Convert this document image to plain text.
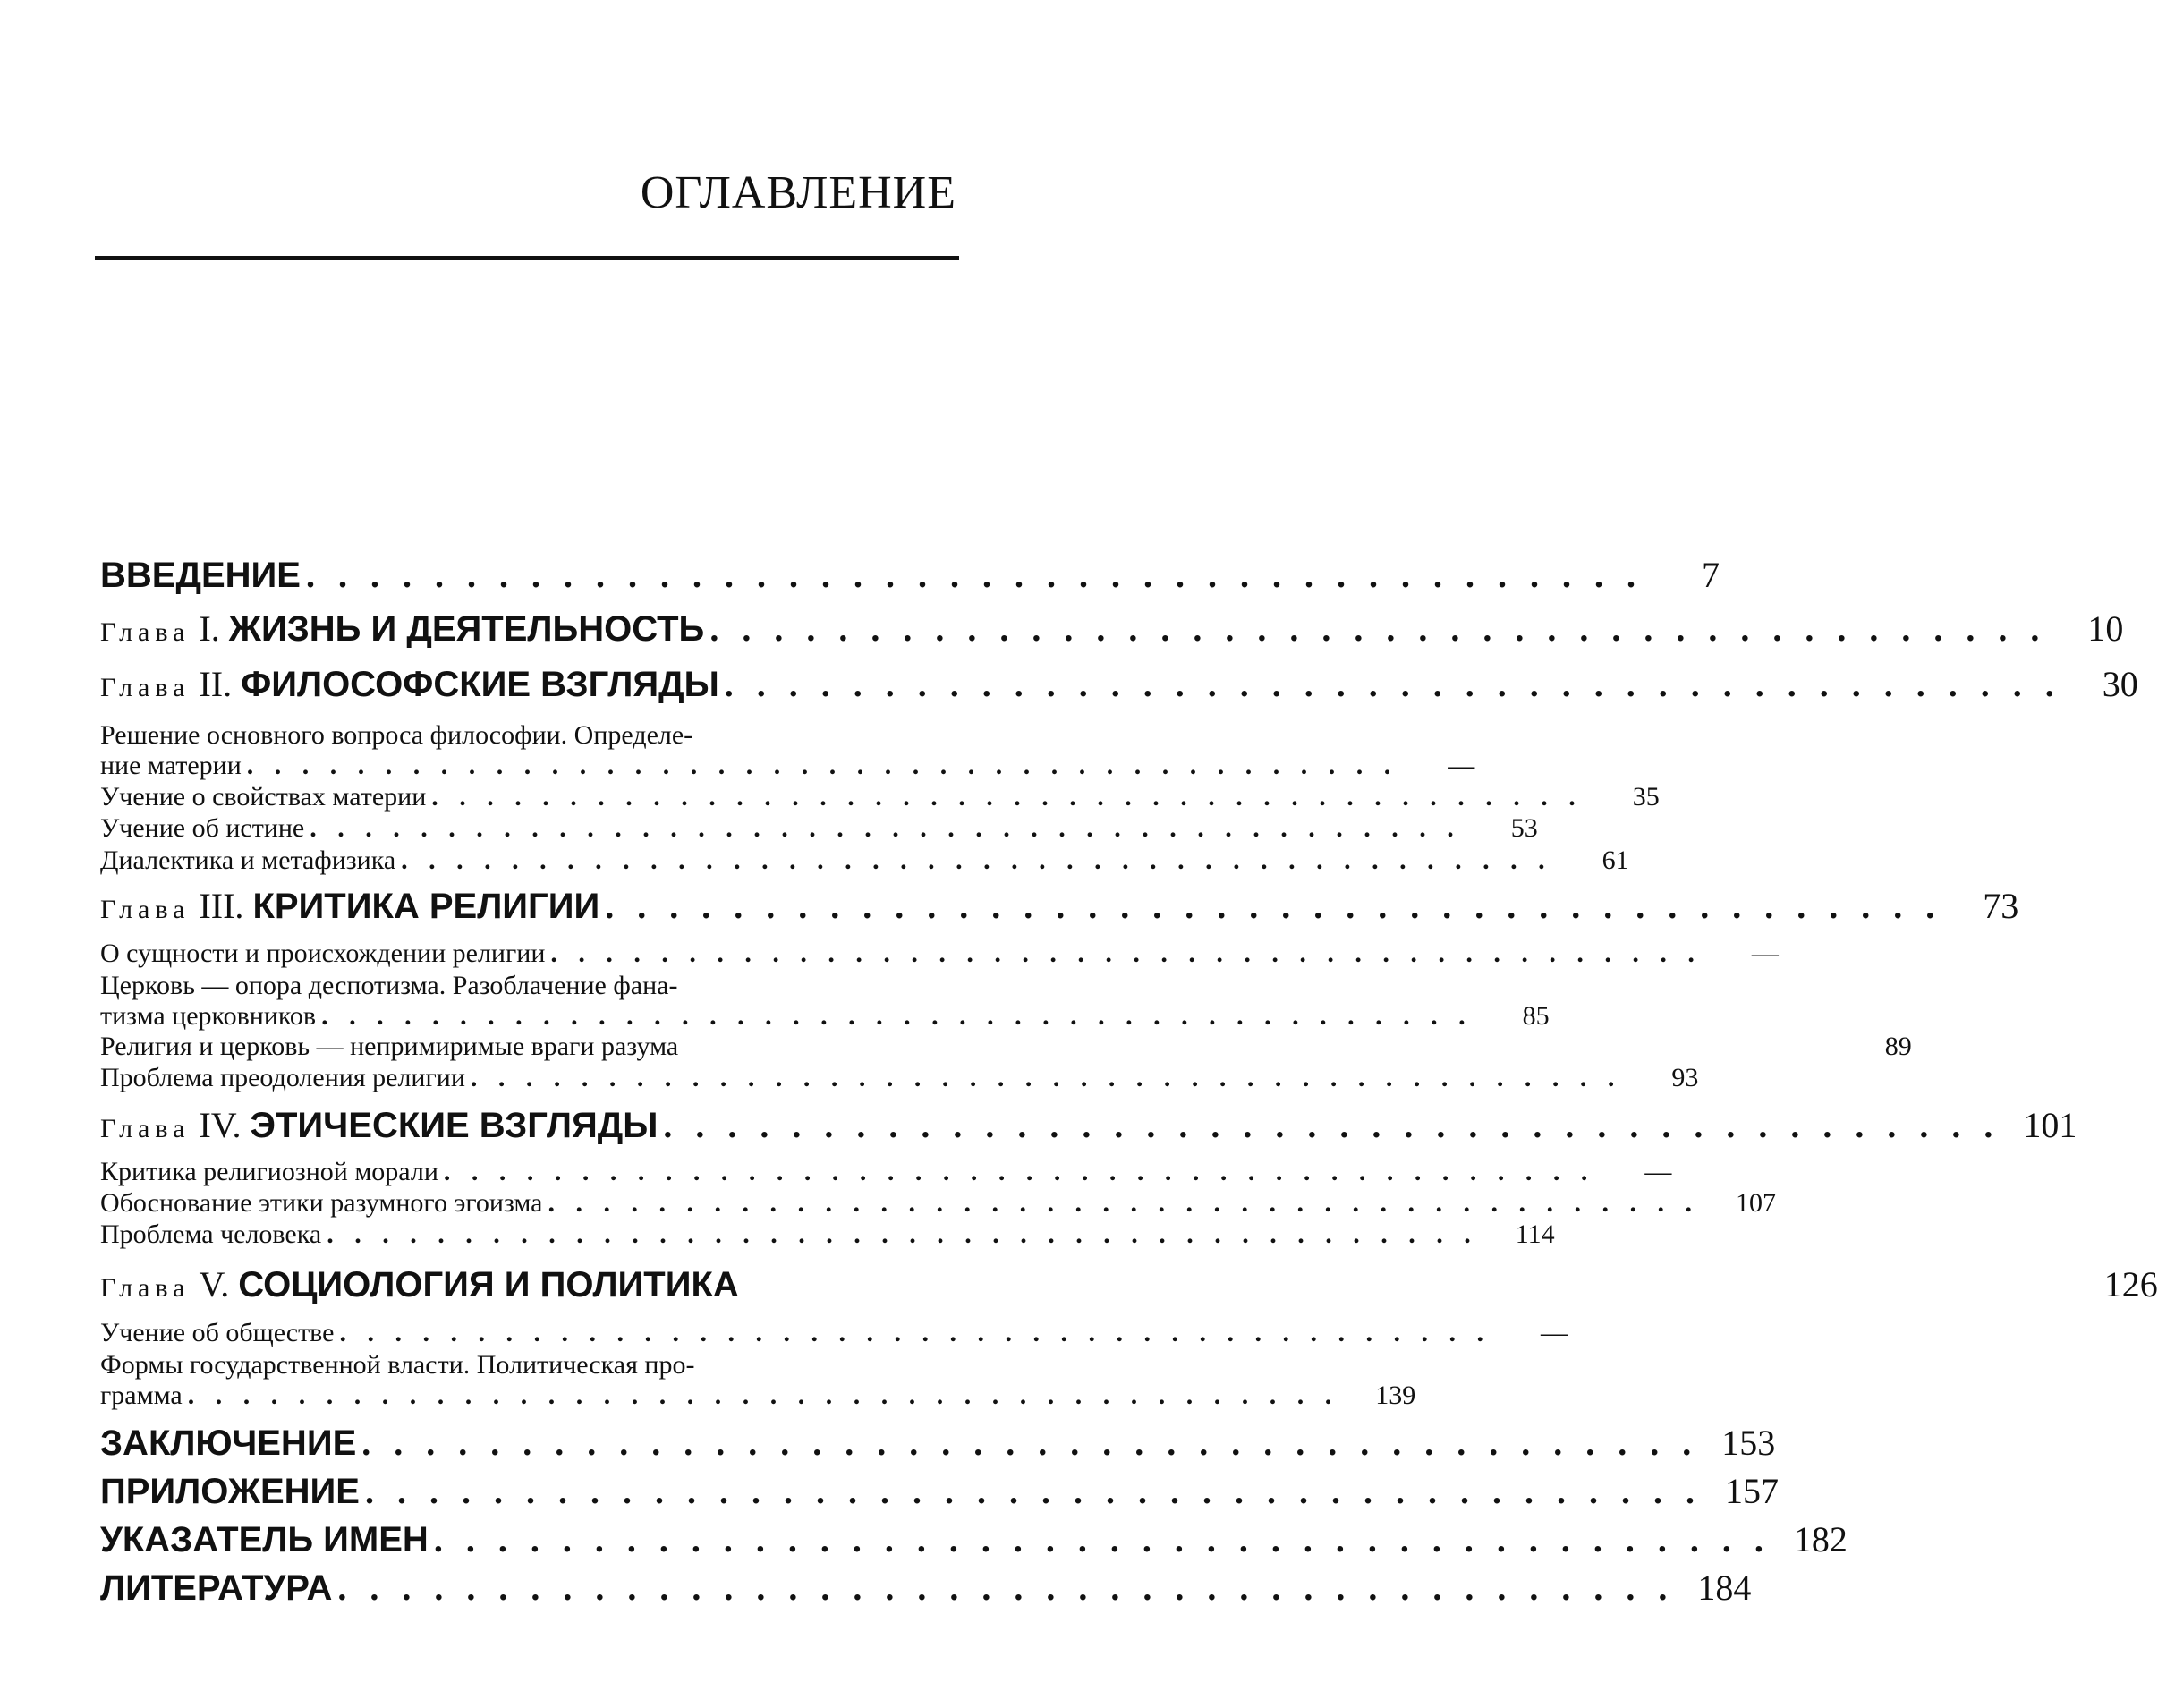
ОГЛАВЛЕНИЕ
ВВЕДЕНИЕ . . . . . . . . . . . . . . . . . . . . . . . . . . . . . . . . . . . . . . . . . .	7
Глава I. ЖИЗНЬ И ДЕЯТЕЛЬНОСТЬ . . . . . . . . . . . . . . . . . . . . . . . . . . . . . . . . . . . . . . . . . .	10
Глава II. ФИЛОСОФСКИЕ ВЗГЛЯДЫ . . . . . . . . . . . . . . . . . . . . . . . . . . . . . . . . . . . . . . . . . .	30
Решение основного вопроса философии. Определе-
ние материи . . . . . . . . . . . . . . . . . . . . . . . . . . . . . . . . . . . . . . . . . .	—
Учение о свойствах материи . . . . . . . . . . . . . . . . . . . . . . . . . . . . . . . . . . . . . . . . . .	35
Учение об истине . . . . . . . . . . . . . . . . . . . . . . . . . . . . . . . . . . . . . . . . . .	53
Диалектика и метафизика . . . . . . . . . . . . . . . . . . . . . . . . . . . . . . . . . . . . . . . . . .	61
Глава III. КРИТИКА РЕЛИГИИ . . . . . . . . . . . . . . . . . . . . . . . . . . . . . . . . . . . . . . . . . .	73
О сущности и происхождении религии . . . . . . . . . . . . . . . . . . . . . . . . . . . . . . . . . . . . . . . . . .	—
Церковь — опора деспотизма. Разоблачение фана-
тизма церковников . . . . . . . . . . . . . . . . . . . . . . . . . . . . . . . . . . . . . . . . . .	85
Религия и церковь — непримиримые враги разума	89
Проблема преодоления религии . . . . . . . . . . . . . . . . . . . . . . . . . . . . . . . . . . . . . . . . . .	93
Глава IV. ЭТИЧЕСКИЕ ВЗГЛЯДЫ . . . . . . . . . . . . . . . . . . . . . . . . . . . . . . . . . . . . . . . . . . 101
Критика религиозной морали . . . . . . . . . . . . . . . . . . . . . . . . . . . . . . . . . . . . . . . . . .	—
Обоснование этики разумного эгоизма . . . . . . . . . . . . . . . . . . . . . . . . . . . . . . . . . . . . . . . . . .	107
Проблема человека . . . . . . . . . . . . . . . . . . . . . . . . . . . . . . . . . . . . . . . . . .	114
Глава V. СОЦИОЛОГИЯ И ПОЛИТИКА	126
Учение об обществе . . . . . . . . . . . . . . . . . . . . . . . . . . . . . . . . . . . . . . . . . .	—
Формы государственной власти. Политическая про-
грамма . . . . . . . . . . . . . . . . . . . . . . . . . . . . . . . . . . . . . . . . . .	139
ЗАКЛЮЧЕНИЕ . . . . . . . . . . . . . . . . . . . . . . . . . . . . . . . . . . . . . . . . . . 153
ПРИЛОЖЕНИЕ . . . . . . . . . . . . . . . . . . . . . . . . . . . . . . . . . . . . . . . . . . 157
УКАЗАТЕЛЬ ИМЕН . . . . . . . . . . . . . . . . . . . . . . . . . . . . . . . . . . . . . . . . . . 182
ЛИТЕРАТУРА . . . . . . . . . . . . . . . . . . . . . . . . . . . . . . . . . . . . . . . . . . 184
